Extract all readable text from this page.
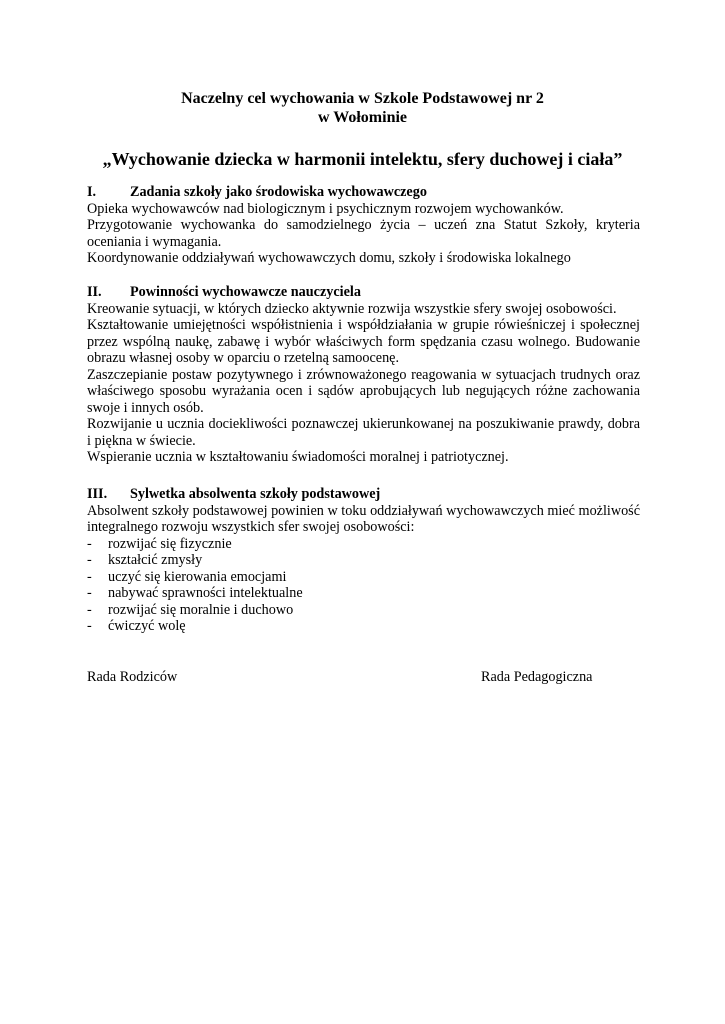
Naczelny cel wychowania w Szkole Podstawowej nr 2
w Wołominie
„Wychowanie dziecka w harmonii intelektu, sfery duchowej i ciała”
I.	Zadania szkoły jako środowiska wychowawczego

Opieka wychowawców nad biologicznym i psychicznym rozwojem wychowanków.

Przygotowanie wychowanka do samodzielnego życia – uczeń zna Statut Szkoły, kryteria oceniania i wymagania.

Koordynowanie oddziaływań wychowawczych domu, szkoły i środowiska lokalnego

II.	Powinności wychowawcze nauczyciela

Kreowanie sytuacji, w których dziecko aktywnie rozwija wszystkie sfery swojej osobowości.

Kształtowanie umiejętności współistnienia i współdziałania w grupie rówieśniczej i społecznej przez wspólną naukę, zabawę i wybór właściwych form spędzania czasu wolnego. Budowanie obrazu własnej osoby w oparciu o rzetelną samoocenę.

Zaszczepianie postaw pozytywnego i zrównoważonego reagowania w sytuacjach trudnych oraz właściwego sposobu wyrażania ocen i sądów aprobujących lub negujących różne zachowania swoje i innych osób.

Rozwijanie u ucznia dociekliwości poznawczej ukierunkowanej na poszukiwanie prawdy, dobra i piękna w świecie.

Wspieranie ucznia w kształtowaniu świadomości moralnej i patriotycznej.

III.	Sylwetka absolwenta szkoły podstawowej

Absolwent szkoły podstawowej powinien w toku oddziaływań wychowawczych mieć możliwość integralnego rozwoju wszystkich sfer swojej osobowości:

-	rozwijać się fizycznie
-	kształcić zmysły
-	uczyć się kierowania emocjami
-	nabywać sprawności intelektualne
-	rozwijać się moralnie i duchowo
-	ćwiczyć wolę
Rada Rodziców	Rada Pedagogiczna
